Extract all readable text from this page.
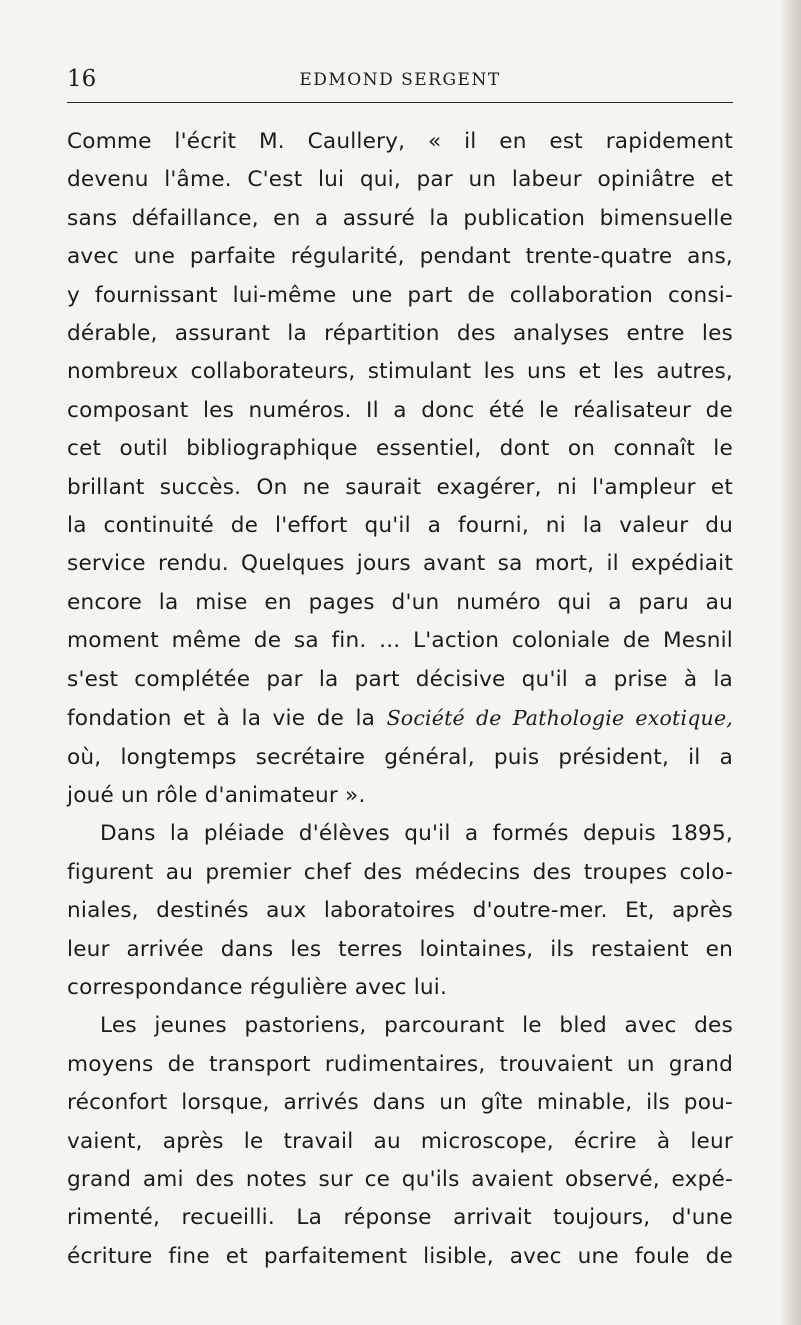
16	EDMOND SERGENT

Comme l'écrit M. Caullery, « il en est rapidement

devenu l'âme. C'est lui qui, par un labeur opiniâtre et

sans défaillance, en a assuré la publication bimensuelle

avec une parfaite régularité, pendant trente-quatre ans,

y fournissant lui-même une part de collaboration consi-

dérable, assurant la répartition des analyses entre les

nombreux collaborateurs, stimulant les uns et les autres,

composant les numéros. Il a donc été le réalisateur de

cet outil bibliographique essentiel, dont on connaît le

brillant succès. On ne saurait exagérer, ni l'ampleur et

la continuité de l'effort qu'il a fourni, ni la valeur du

service rendu. Quelques jours avant sa mort, il expédiait

encore la mise en pages d'un numéro qui a paru au

moment même de sa fin. ... L'action coloniale de Mesnil

s'est complétée par la part décisive qu'il a prise à la

fondation et à la vie de la Société de Pathologie exotique,

où, longtemps secrétaire général, puis président, il a

joué un rôle d'animateur ».

Dans la pléiade d'élèves qu'il a formés depuis 1895,

figurent au premier chef des médecins des troupes colo-

niales, destinés aux laboratoires d'outre-mer. Et, après

leur arrivée dans les terres lointaines, ils restaient en

correspondance régulière avec lui.

Les jeunes pastoriens, parcourant le bled avec des

moyens de transport rudimentaires, trouvaient un grand

réconfort lorsque, arrivés dans un gîte minable, ils pou-

vaient, après le travail au microscope, écrire à leur

grand ami des notes sur ce qu'ils avaient observé, expé-

rimenté, recueilli. La réponse arrivait toujours, d'une

écriture fine et parfaitement lisible, avec une foule de
